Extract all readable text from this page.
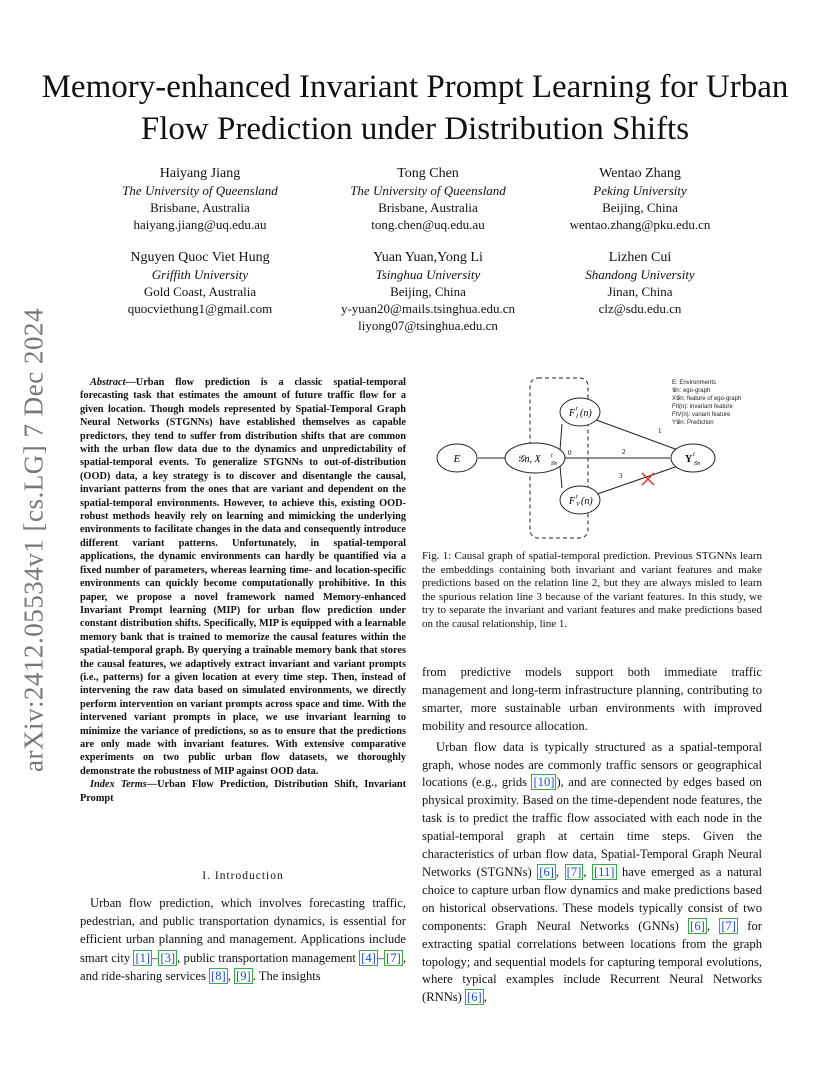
arXiv:2412.05534v1 [cs.LG] 7 Dec 2024
Memory-enhanced Invariant Prompt Learning for Urban Flow Prediction under Distribution Shifts
Haiyang Jiang
The University of Queensland
Brisbane, Australia
haiyang.jiang@uq.edu.au
Tong Chen
The University of Queensland
Brisbane, Australia
tong.chen@uq.edu.au
Wentao Zhang
Peking University
Beijing, China
wentao.zhang@pku.edu.cn
Nguyen Quoc Viet Hung
Griffith University
Gold Coast, Australia
quocviethung1@gmail.com
Yuan Yuan,Yong Li
Tsinghua University
Beijing, China
y-yuan20@mails.tsinghua.edu.cn
liyong07@tsinghua.edu.cn
Lizhen Cui
Shandong University
Jinan, China
clz@sdu.edu.cn
Abstract—Urban flow prediction is a classic spatial-temporal forecasting task that estimates the amount of future traffic flow for a given location. Though models represented by Spatial-Temporal Graph Neural Networks (STGNNs) have established themselves as capable predictors, they tend to suffer from distribution shifts that are common with the urban flow data due to the dynamics and unpredictability of spatial-temporal events. To generalize STGNNs to out-of-distribution (OOD) data, a key strategy is to discover and disentangle the causal, invariant patterns from the ones that are variant and dependent on the spatial-temporal environments. However, to achieve this, existing OOD-robust methods heavily rely on learning and mimicking the underlying environments to facilitate changes in the data and consequently introduce different variant patterns. Unfortunately, in spatial-temporal applications, the dynamic environments can hardly be quantified via a fixed number of parameters, whereas learning time- and location-specific environments can quickly become computationally prohibitive. In this paper, we propose a novel framework named Memory-enhanced Invariant Prompt learning (MIP) for urban flow prediction under constant distribution shifts. Specifically, MIP is equipped with a learnable memory bank that is trained to memorize the causal features within the spatial-temporal graph. By querying a trainable memory bank that stores the causal features, we adaptively extract invariant and variant prompts (i.e., patterns) for a given location at every time step. Then, instead of intervening the raw data based on simulated environments, we directly perform intervention on variant prompts across space and time. With the intervened variant prompts in place, we use invariant learning to minimize the variance of predictions, so as to ensure that the predictions are only made with invariant features. With extensive comparative experiments on two public urban flow datasets, we thoroughly demonstrate the robustness of MIP against OOD data.
Index Terms—Urban Flow Prediction, Distribution Shift, Invariant Prompt
I. Introduction
Urban flow prediction, which involves forecasting traffic, pedestrian, and public transportation dynamics, is essential for efficient urban planning and management. Applications include smart city [1] – [3] , public transportation management [4] – [7] , and ride-sharing services [8] , [9] . The insights
E	𝒢n, X t
𝒢n
F t
I (n)
F t
V (n)
Y t
𝒢n
0
1
2
3
E: Environments
𝒢n: ego-graph
X𝒢n: feature of ego-graph
FtI(n): invariant feature
FtV(n): variant feature
Y𝒢n: Prediction
Fig. 1: Causal graph of spatial-temporal prediction. Previous STGNNs learn the embeddings containing both invariant and variant features and make predictions based on the relation line 2, but they are always misled to learn the spurious relation line 3 because of the variant features. In this study, we try to separate the invariant and variant features and make predictions based on the causal relationship, line 1.

from predictive models support both immediate traffic management and long-term infrastructure planning, contributing to smarter, more sustainable urban environments with improved mobility and resource allocation.

Urban flow data is typically structured as a spatial-temporal graph, whose nodes are commonly traffic sensors or geographical locations (e.g., grids [10] ), and are connected by edges based on physical proximity. Based on the time-dependent node features, the task is to predict the traffic flow associated with each node in the spatial-temporal graph at certain time steps. Given the characteristics of urban flow data, Spatial-Temporal Graph Neural Networks (STGNNs) [6] , [7] , [11] have emerged as a natural choice to capture urban flow dynamics and make predictions based on historical observations. These models typically consist of two components: Graph Neural Networks (GNNs) [6] , [7] for extracting spatial correlations between locations from the graph topology; and sequential models for capturing temporal evolutions, where typical examples include Recurrent Neural Networks (RNNs) [6] ,
